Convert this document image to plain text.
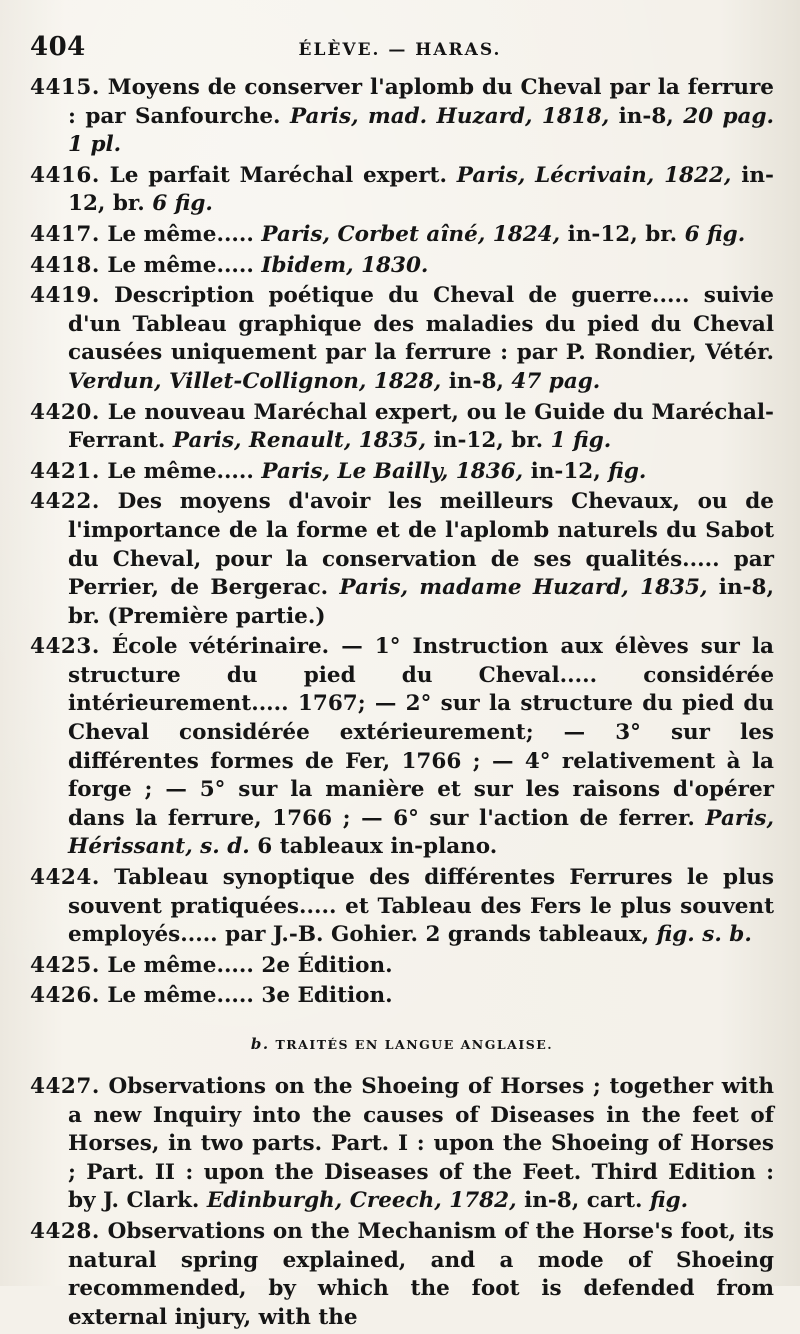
404	ÉLÈVE. — HARAS.

4415. Moyens de conserver l'aplomb du Cheval par la ferrure : par Sanfourche. Paris, mad. Huzard, 1818, in-8, 20 pag. 1 pl.

4416. Le parfait Maréchal expert. Paris, Lécrivain, 1822, in-12, br. 6 fig.

4417. Le même..... Paris, Corbet aîné, 1824, in-12, br. 6 fig.

4418. Le même..... Ibidem, 1830.

4419. Description poétique du Cheval de guerre..... suivie d'un Tableau graphique des maladies du pied du Cheval causées uniquement par la ferrure : par P. Rondier, Vétér. Verdun, Villet-Collignon, 1828, in-8, 47 pag.

4420. Le nouveau Maréchal expert, ou le Guide du Maréchal-Ferrant. Paris, Renault, 1835, in-12, br. 1 fig.

4421. Le même..... Paris, Le Bailly, 1836, in-12, fig.

4422. Des moyens d'avoir les meilleurs Chevaux, ou de l'importance de la forme et de l'aplomb naturels du Sabot du Cheval, pour la conservation de ses qualités..... par Perrier, de Bergerac. Paris, madame Huzard, 1835, in-8, br. (Première partie.)

4423. École vétérinaire. — 1° Instruction aux élèves sur la structure du pied du Cheval..... considérée intérieurement..... 1767; — 2° sur la structure du pied du Cheval considérée extérieurement; — 3° sur les différentes formes de Fer, 1766 ; — 4° relativement à la forge ; — 5° sur la manière et sur les raisons d'opérer dans la ferrure, 1766 ; — 6° sur l'action de ferrer. Paris, Hérissant, s. d. 6 tableaux in-plano.

4424. Tableau synoptique des différentes Ferrures le plus souvent pratiquées..... et Tableau des Fers le plus souvent employés..... par J.-B. Gohier. 2 grands tableaux, fig. s. b.

4425. Le même..... 2e Édition.

4426. Le même..... 3e Edition.

b. TRAITÉS EN LANGUE ANGLAISE.

4427. Observations on the Shoeing of Horses ; together with a new Inquiry into the causes of Diseases in the feet of Horses, in two parts. Part. I : upon the Shoeing of Horses ; Part. II : upon the Diseases of the Feet. Third Edition : by J. Clark. Edinburgh, Creech, 1782, in-8, cart. fig.

4428. Observations on the Mechanism of the Horse's foot, its natural spring explained, and a mode of Shoeing recommended, by which the foot is defended from external injury, with the
